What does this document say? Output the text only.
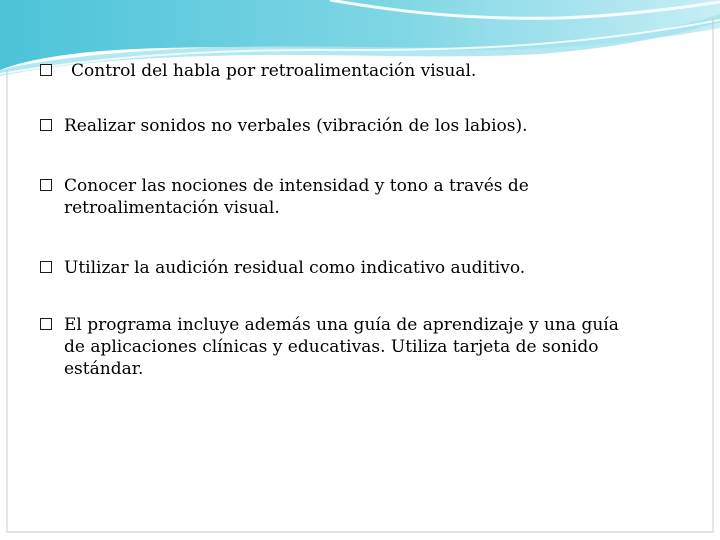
Control del habla por retroalimentación visual.
Realizar sonidos no verbales (vibración de los labios).
Conocer las nociones de intensidad y tono a través de
retroalimentación visual.
Utilizar la audición residual como indicativo auditivo.
El programa incluye además una guía de aprendizaje y una guía
de aplicaciones clínicas y educativas. Utiliza tarjeta de sonido
estándar.
